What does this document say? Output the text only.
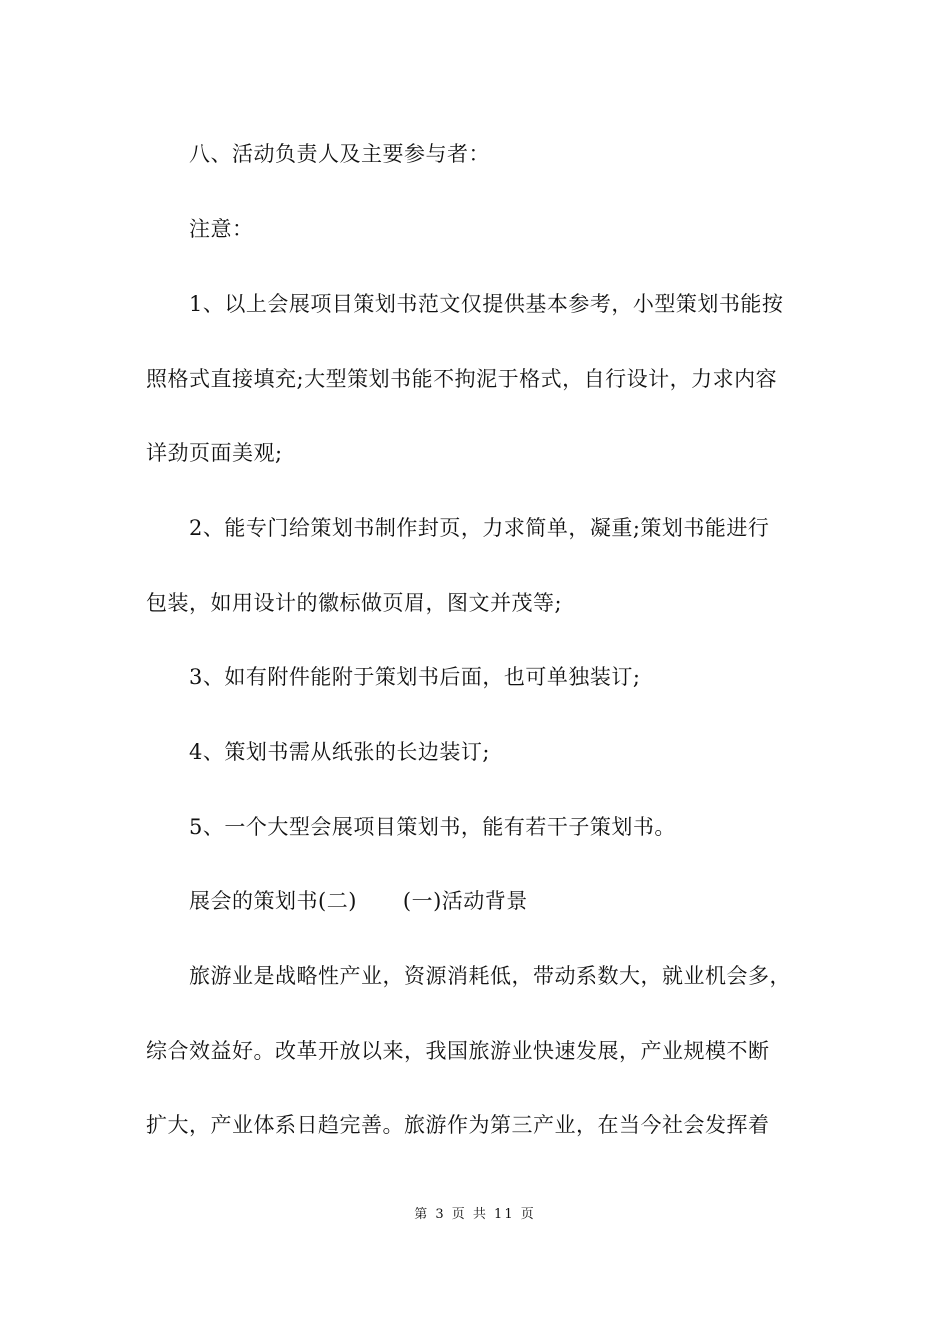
八、活动负责人及主要参与者：
注意：
1、以上会展项目策划书范文仅提供基本参考，小型策划书能按
照格式直接填充;大型策划书能不拘泥于格式，自行设计，力求内容
详劲页面美观;
2、能专门给策划书制作封页，力求简单，凝重;策划书能进行
包装，如用设计的徽标做页眉，图文并茂等;
3、如有附件能附于策划书后面，也可单独装订;
4、策划书需从纸张的长边装订;
5、一个大型会展项目策划书，能有若干子策划书。
展会的策划书(二) (一)活动背景
旅游业是战略性产业，资源消耗低，带动系数大，就业机会多，
综合效益好。改革开放以来，我国旅游业快速发展，产业规模不断
扩大，产业体系日趋完善。旅游作为第三产业，在当今社会发挥着
第 3 页 共 11 页
